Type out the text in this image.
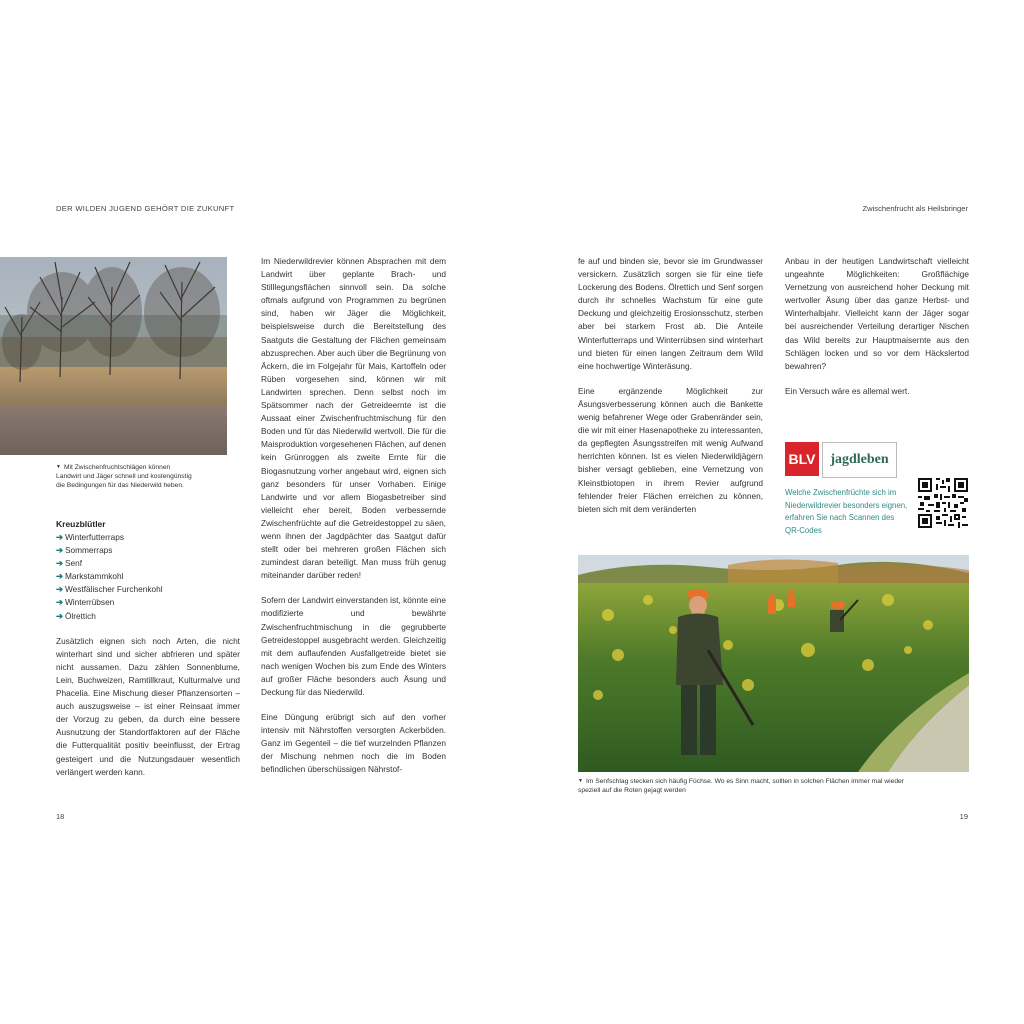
DER WILDEN JUGEND GEHÖRT DIE ZUKUNFT	Zwischenfrucht als Heilsbringer
▼ Mit Zwischenfruchtschlägen können
Landwirt und Jäger schnell und kostengünstig
die Bedingungen für das Niederwild heben.
Kreuzblütler
➔ Winterfutterraps
➔ Sommerraps
➔ Senf
➔ Markstammkohl
➔ Westfälischer Furchenkohl
➔ Winterrübsen
➔ Ölrettich
Zusätzlich eignen sich noch Arten, die nicht winterhart sind und sicher abfrieren und später nicht aussamen. Dazu zählen Sonnenblume, Lein, Buchweizen, Ramtillkraut, Kulturmalve und Phacelia. Eine Mischung dieser Pflanzensorten – auch auszugsweise – ist einer Reinsaat immer der Vorzug zu geben, da durch eine bessere Ausnutzung der Standortfaktoren auf der Fläche die Futterqualität positiv beeinflusst, der Ertrag gesteigert und die Nutzungsdauer wesentlich verlängert werden kann.
18

Im Niederwildrevier können Absprachen mit dem Landwirt über geplante Brach- und Stilllegungsflächen sinnvoll sein. Da solche oftmals aufgrund von Programmen zu begrünen sind, haben wir Jäger die Möglichkeit, beispielsweise durch die Bereitstellung des Saatguts die Gestaltung der Flächen gemeinsam abzusprechen. Aber auch über die Begrünung von Äckern, die im Folgejahr für Mais, Kartoffeln oder Rüben vorgesehen sind, können wir mit Landwirten sprechen. Denn selbst noch im Spätsommer nach der Getreideernte ist die Aussaat einer Zwischenfruchtmischung für den Boden und für das Niederwild wertvoll. Die für die Maisproduktion vorgesehenen Flächen, auf denen kein Grünroggen als zweite Ernte für die Biogasnutzung vorher angebaut wird, eignen sich ganz besonders für unser Vorhaben. Einige Landwirte und vor allem Biogasbetreiber sind vielleicht eher bereit, Boden verbessernde Zwischenfrüchte auf die Getreidestoppel zu säen, wenn ihnen der Jagdpächter das Saatgut dafür stellt oder bei mehreren großen Flächen sich zumindest daran beteiligt. Man muss früh genug miteinander darüber reden!

Sofern der Landwirt einverstanden ist, könnte eine modifizierte und bewährte Zwischenfruchtmischung in die gegrubberte Getreidestoppel ausgebracht werden. Gleichzeitig mit dem auflaufenden Ausfallgetreide bietet sie nach wenigen Wochen bis zum Ende des Winters auf großer Fläche besonders auch Äsung und Deckung für das Niederwild.

Eine Düngung erübrigt sich auf den vorher intensiv mit Nährstoffen versorgten Ackerböden. Ganz im Gegenteil – die tief wurzelnden Pflanzen der Mischung nehmen noch die im Boden befindlichen überschüssigen Nährstof-

fe auf und binden sie, bevor sie im Grundwasser versickern. Zusätzlich sorgen sie für eine tiefe Lockerung des Bodens. Ölrettich und Senf sorgen durch ihr schnelles Wachstum für eine gute Deckung und gleichzeitig Erosionsschutz, sterben aber bei starkem Frost ab. Die Anteile Winterfutterraps und Winterrübsen sind winterhart und bieten für einen langen Zeitraum dem Wild eine hochwertige Winteräsung.

Eine ergänzende Möglichkeit zur Äsungsverbesserung können auch die Bankette wenig befahrener Wege oder Grabenränder sein, die wir mit einer Hasenapotheke zu interessanten, da gepflegten Äsungsstreifen mit wenig Aufwand herrichten können. Ist es vielen Niederwildjägern bisher versagt geblieben, eine Vernetzung von Kleinstbiotopen in ihrem Revier aufgrund fehlender freier Flächen erreichen zu können, bieten sich mit dem veränderten

Anbau in der heutigen Landwirtschaft vielleicht ungeahnte Möglichkeiten: Großflächige Vernetzung von ausreichend hoher Deckung mit wertvoller Äsung über das ganze Herbst- und Winterhalbjahr. Vielleicht kann der Jäger sogar bei ausreichender Verteilung derartiger Nischen das Wild bereits zur Hauptmaisernte aus den Schlägen locken und so vor dem Häckslertod bewahren?

Ein Versuch wäre es allemal wert.

BLV	jagdleben
Welche Zwischenfrüchte sich im Niederwildrevier besonders eignen, erfahren Sie nach Scannen des QR-Codes
▼ Im Senfschlag stecken sich häufig Füchse. Wo es Sinn macht, sollten in solchen Flächen immer mal wieder
speziell auf die Roten gejagt werden
19
